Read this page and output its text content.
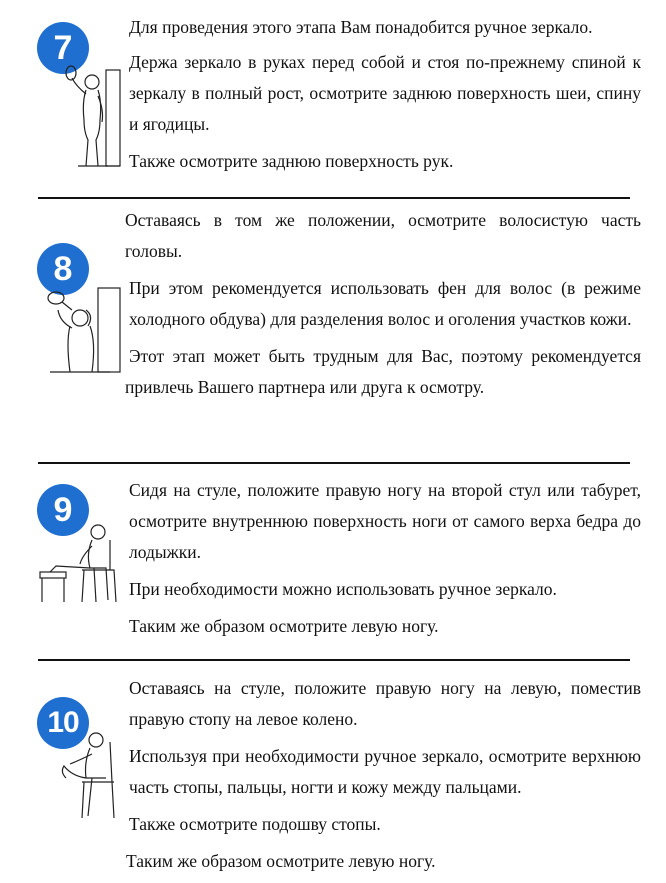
7

Для проведения этого этапа Вам понадобится ручное зеркало.

Держа зеркало в руках перед собой и стоя по-прежнему спиной к зеркалу в полный рост, осмотрите заднюю поверхность шеи, спину и ягодицы.

Также осмотрите заднюю поверхность рук.

8

Оставаясь в том же положении, осмотрите волосистую часть головы.

При этом рекомендуется использовать фен для волос (в режиме холодного обдува) для разделения волос и оголения участков кожи.

Этот этап может быть трудным для Вас, поэтому рекомендуется привлечь Вашего партнера или друга к осмотру.

9

Сидя на стуле, положите правую ногу на второй стул или табурет, осмотрите внутреннюю поверхность ноги от самого верха бедра до лодыжки.

При необходимости можно использовать ручное зеркало.

Таким же образом осмотрите левую ногу.

10

Оставаясь на стуле, положите правую ногу на левую, поместив правую стопу на левое колено.

Используя при необходимости ручное зеркало, осмотрите верхнюю часть стопы, пальцы, ногти и кожу между пальцами.

Также осмотрите подошву стопы.

Таким же образом осмотрите левую ногу.
